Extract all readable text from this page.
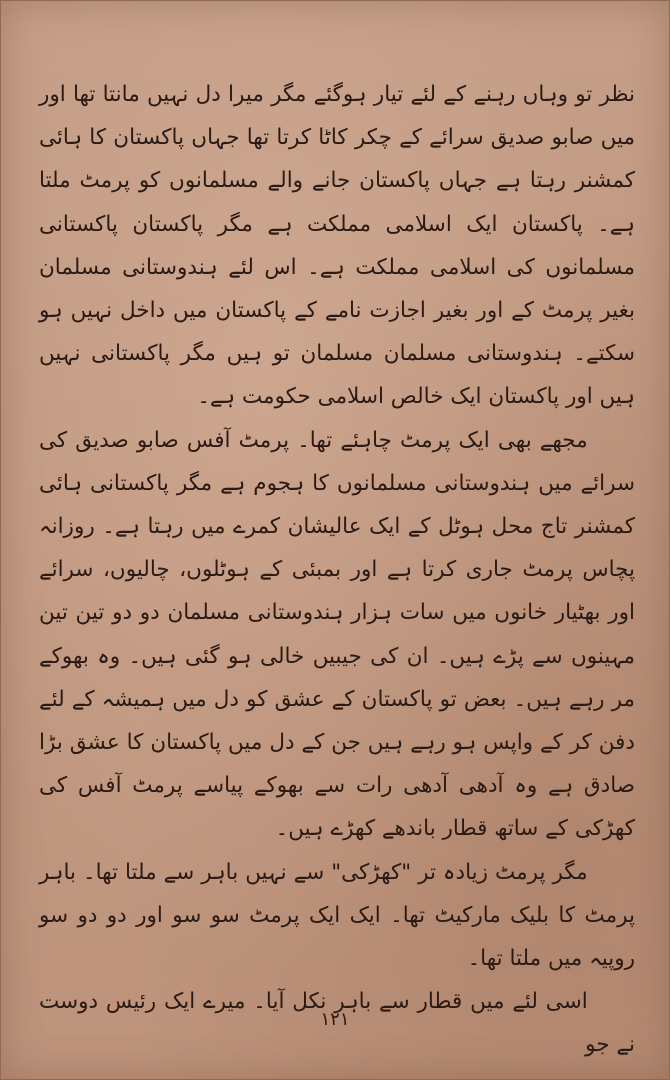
نظر تو وہاں رہنے کے لئے تیار ہوگئے مگر میرا دل نہیں مانتا تھا اور میں صابو صدیق سرائے کے چکر کاٹا کرتا تھا جہاں پاکستان کا ہائی کمشنر رہتا ہے جہاں پاکستان جانے والے مسلمانوں کو پرمٹ ملتا ہے۔ پاکستان ایک اسلامی مملکت ہے مگر پاکستان پاکستانی مسلمانوں کی اسلامی مملکت ہے۔ اس لئے ہندوستانی مسلمان بغیر پرمٹ کے اور بغیر اجازت نامے کے پاکستان میں داخل نہیں ہو سکتے۔ ہندوستانی مسلمان مسلمان تو ہیں مگر پاکستانی نہیں ہیں اور پاکستان ایک خالص اسلامی حکومت ہے۔

مجھے بھی ایک پرمٹ چاہئے تھا۔ پرمٹ آفس صابو صدیق کی سرائے میں ہندوستانی مسلمانوں کا ہجوم ہے مگر پاکستانی ہائی کمشنر تاج محل ہوٹل کے ایک عالیشان کمرے میں رہتا ہے۔ روزانہ پچاس پرمٹ جاری کرتا ہے اور بمبئی کے ہوٹلوں، چالیوں، سرائے اور بھٹیار خانوں میں سات ہزار ہندوستانی مسلمان دو دو تین تین مہینوں سے پڑے ہیں۔ ان کی جیبیں خالی ہو گئی ہیں۔ وہ بھوکے مر رہے ہیں۔ بعض تو پاکستان کے عشق کو دل میں ہمیشہ کے لئے دفن کر کے واپس ہو رہے ہیں جن کے دل میں پاکستان کا عشق بڑا صادق ہے وہ آدھی آدھی رات سے بھوکے پیاسے پرمٹ آفس کی کھڑکی کے ساتھ قطار باندھے کھڑے ہیں۔

مگر پرمٹ زیادہ تر "کھڑکی" سے نہیں باہر سے ملتا تھا۔ باہر پرمٹ کا بلیک مارکیٹ تھا۔ ایک ایک پرمٹ سو سو اور دو دو سو روپیہ میں ملتا تھا۔

اسی لئے میں قطار سے باہر نکل آیا۔ میرے ایک رئیس دوست نے جو

۱۲۱
